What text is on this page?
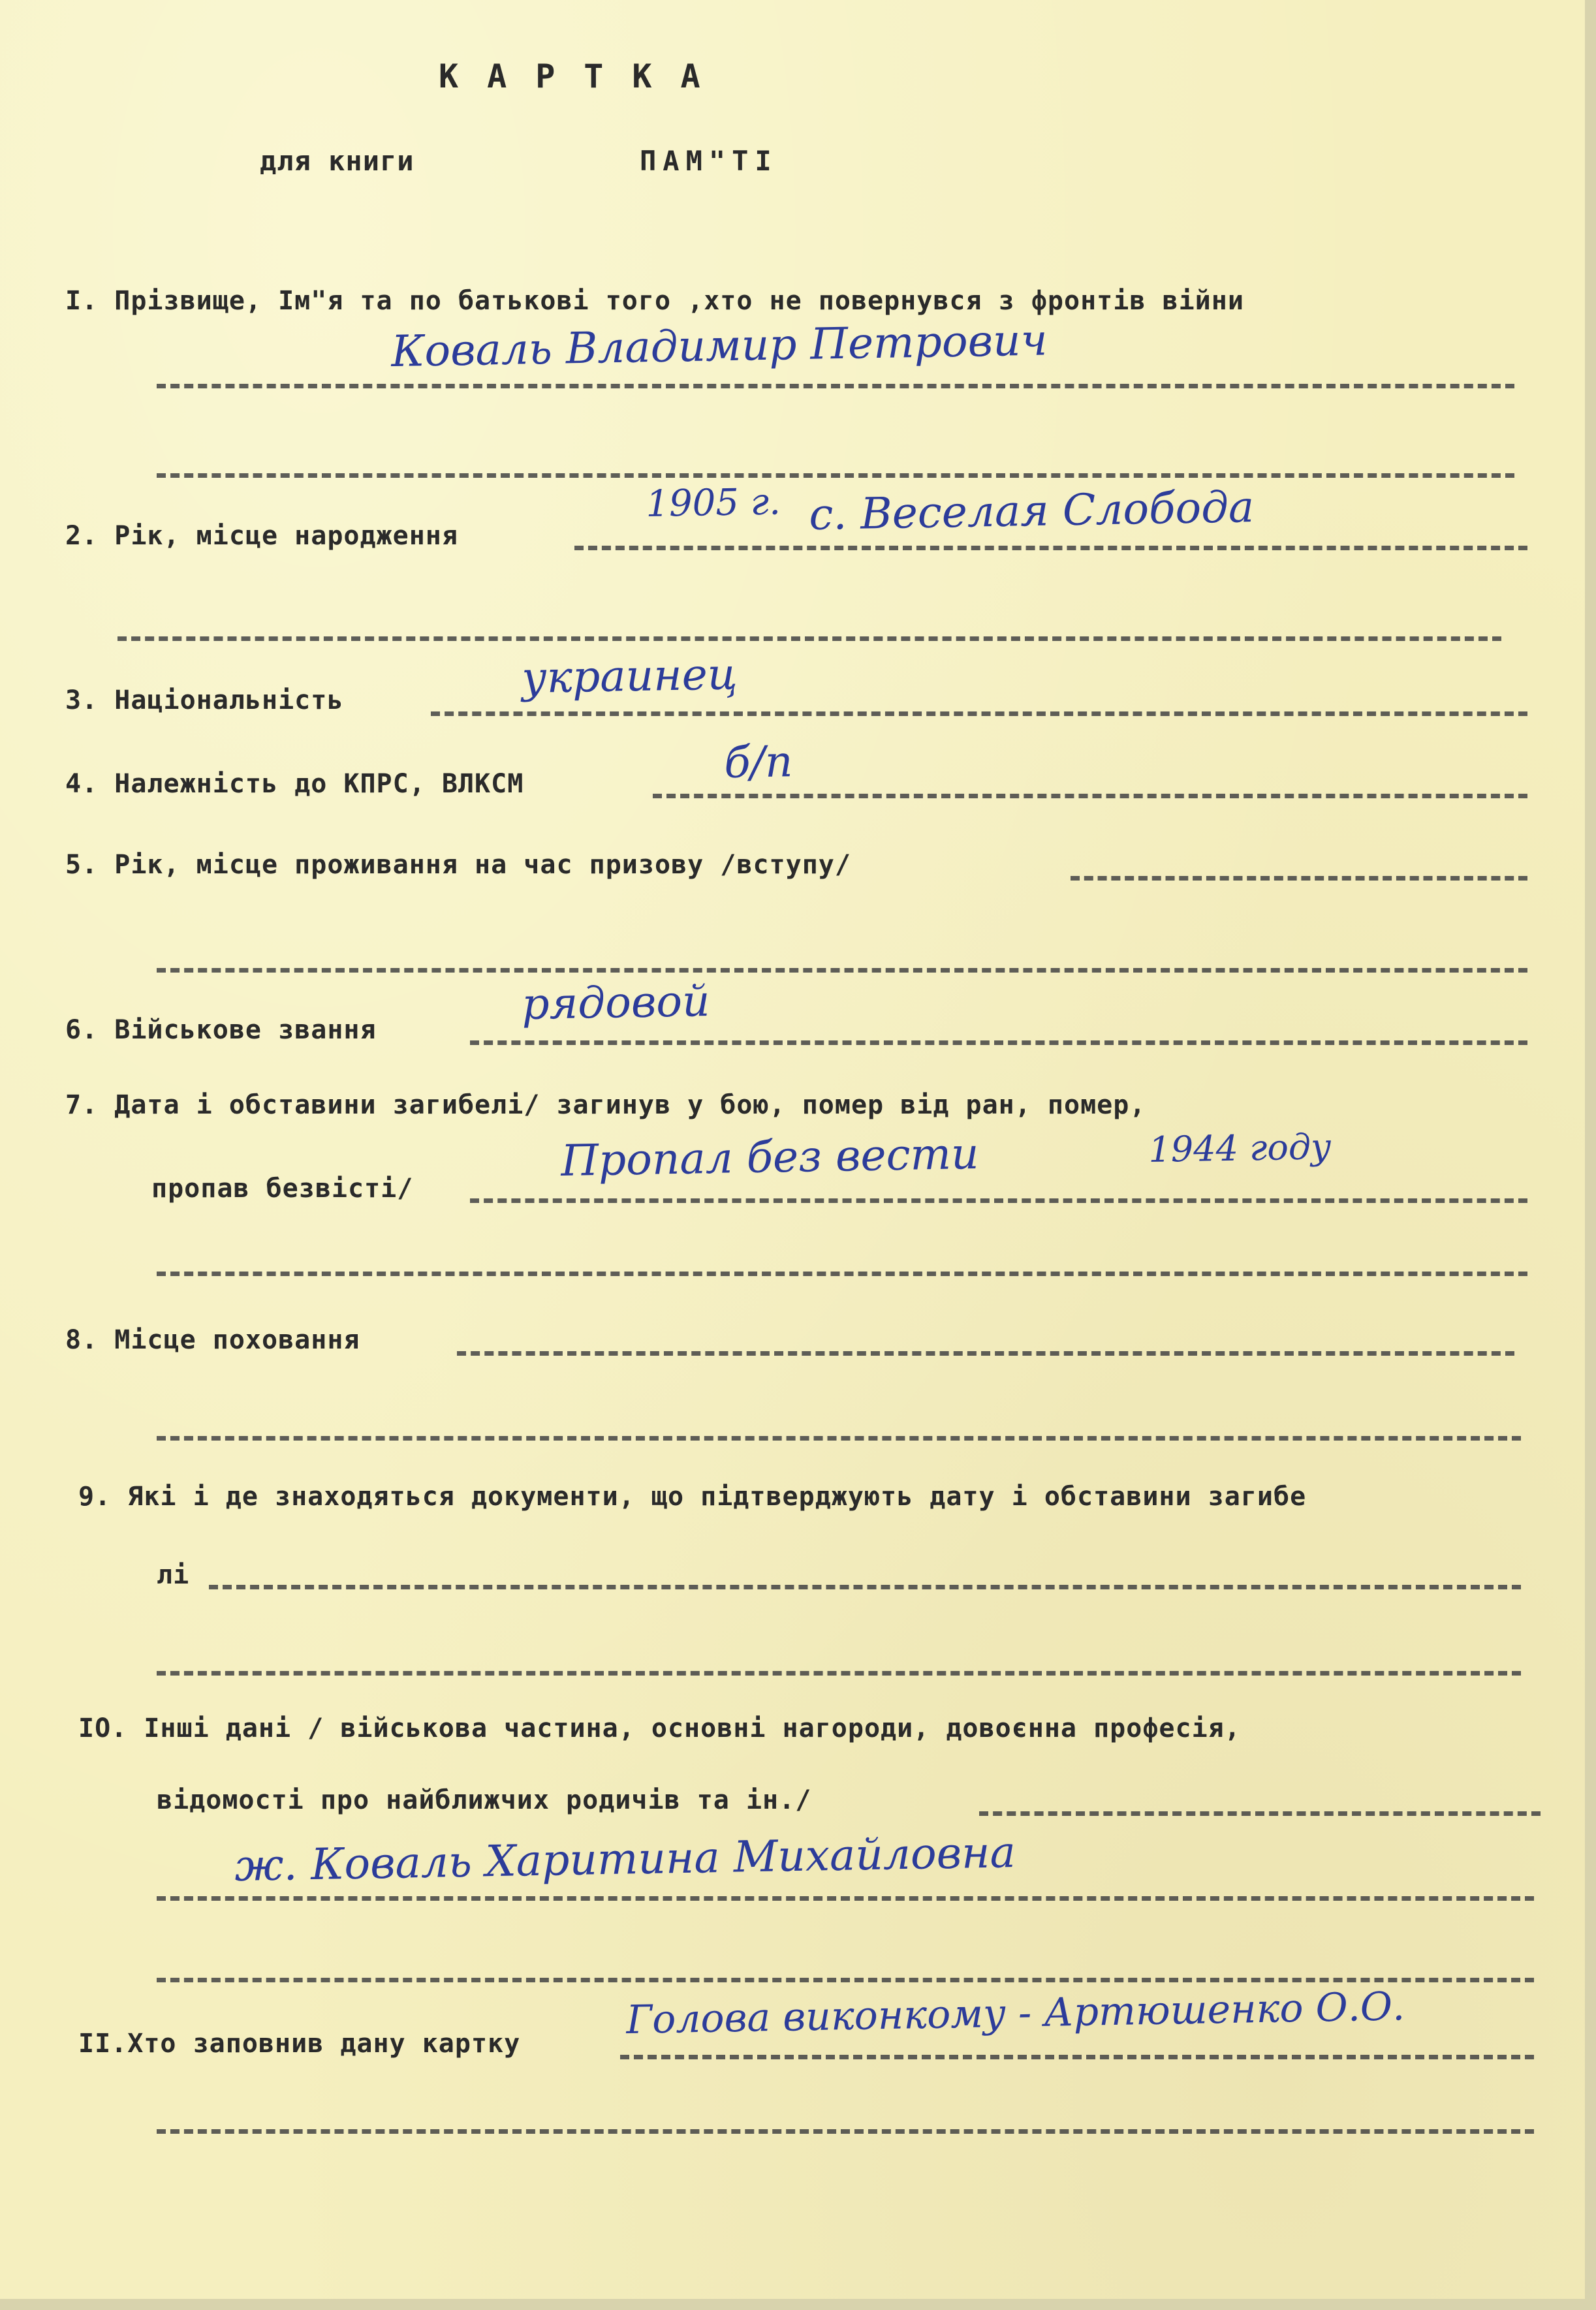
КАРТКА
для книги	ПАМ"ТІ
I. Прізвище, Ім"я та по батькові того ,хто не повернувся з фронтів війни
Коваль Владимир Петрович
2. Рік, місце народження
1905 г. с. Веселая Слобода
3. Національність	украинец
4. Належність до КПРС, ВЛКСМ	б/п
5. Рік, місце проживання на час призову /вступу/
6. Військове звання
рядовой
7. Дата і обставини загибелі/ загинув у бою, помер від ран, помер,
пропав безвісті/
Пропал без вести	1944 году
8. Місце поховання
9. Які і де знаходяться документи, що підтверджують дату і обставини загибе
лі
IO. Інші дані / військова частина, основні нагороди, довоєнна професія,
відомості про найближчих родичів та ін./
ж. Коваль Харитина Михайловна
II.Хто заповнив дану картку
Голова виконкому - Артюшенко О.О.
